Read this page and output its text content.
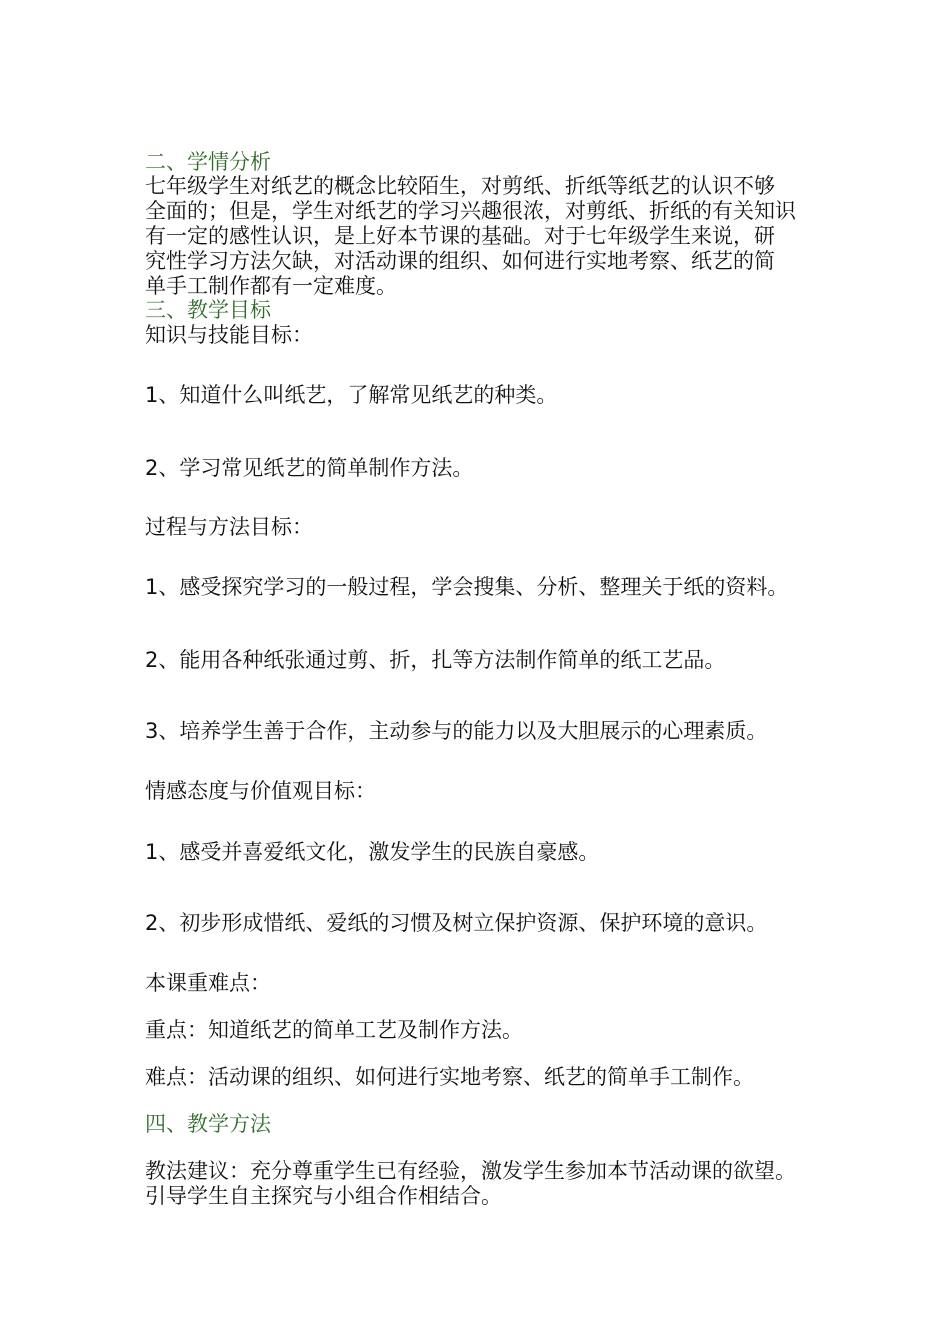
二、学情分析
七年级学生对纸艺的概念比较陌生，对剪纸、折纸等纸艺的认识不够
全面的；但是，学生对纸艺的学习兴趣很浓，对剪纸、折纸的有关知识
有一定的感性认识，是上好本节课的基础。对于七年级学生来说，研
究性学习方法欠缺，对活动课的组织、如何进行实地考察、纸艺的简
单手工制作都有一定难度。
三、教学目标
知识与技能目标：
1、知道什么叫纸艺，了解常见纸艺的种类。
2、学习常见纸艺的简单制作方法。
过程与方法目标：
1、感受探究学习的一般过程，学会搜集、分析、整理关于纸的资料。
2、能用各种纸张通过剪、折，扎等方法制作简单的纸工艺品。
3、培养学生善于合作，主动参与的能力以及大胆展示的心理素质。
情感态度与价值观目标：
1、感受并喜爱纸文化，激发学生的民族自豪感。
2、初步形成惜纸、爱纸的习惯及树立保护资源、保护环境的意识。
本课重难点：
重点：知道纸艺的简单工艺及制作方法。
难点：活动课的组织、如何进行实地考察、纸艺的简单手工制作。
四、教学方法
教法建议：充分尊重学生已有经验，激发学生参加本节活动课的欲望。
引导学生自主探究与小组合作相结合。
